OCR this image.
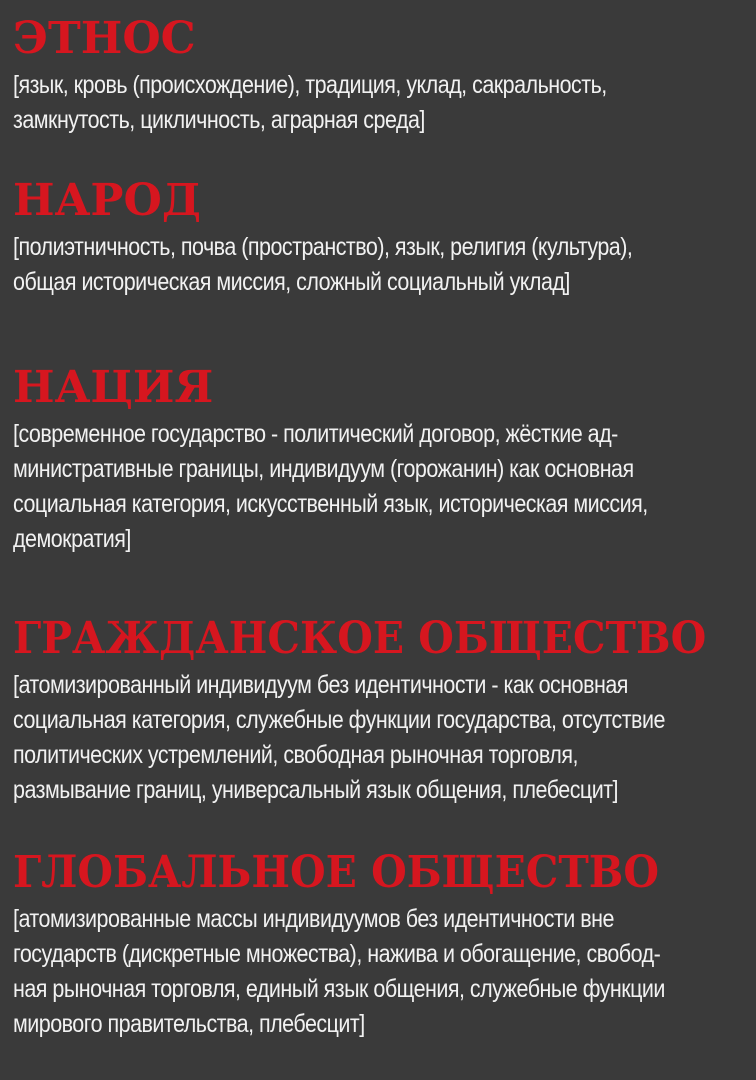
ЭТНОС

[язык, кровь (происхождение), традиция, уклад, сакральность,
замкнутость, цикличность, аграрная среда]

НАРОД

[полиэтничность, почва (пространство), язык, религия (культура),
общая историческая миссия, сложный социальный уклад]

НАЦИЯ

[современное государство - политический договор, жёсткие ад-
министративные границы, индивидуум (горожанин) как основная
социальная категория, искусственный язык, историческая миссия,
демократия]

ГРАЖДАНСКОЕ ОБЩЕСТВО

[атомизированный индивидуум без идентичности - как основная
социальная категория, служебные функции государства, отсутствие
политических устремлений, свободная рыночная торговля,
размывание границ, универсальный язык общения, плебесцит]

ГЛОБАЛЬНОЕ ОБЩЕСТВО

[атомизированные массы индивидуумов без идентичности вне
государств (дискретные множества), нажива и обогащение, свобод-
ная рыночная торговля, единый язык общения, служебные функции
мирового правительства, плебесцит]
